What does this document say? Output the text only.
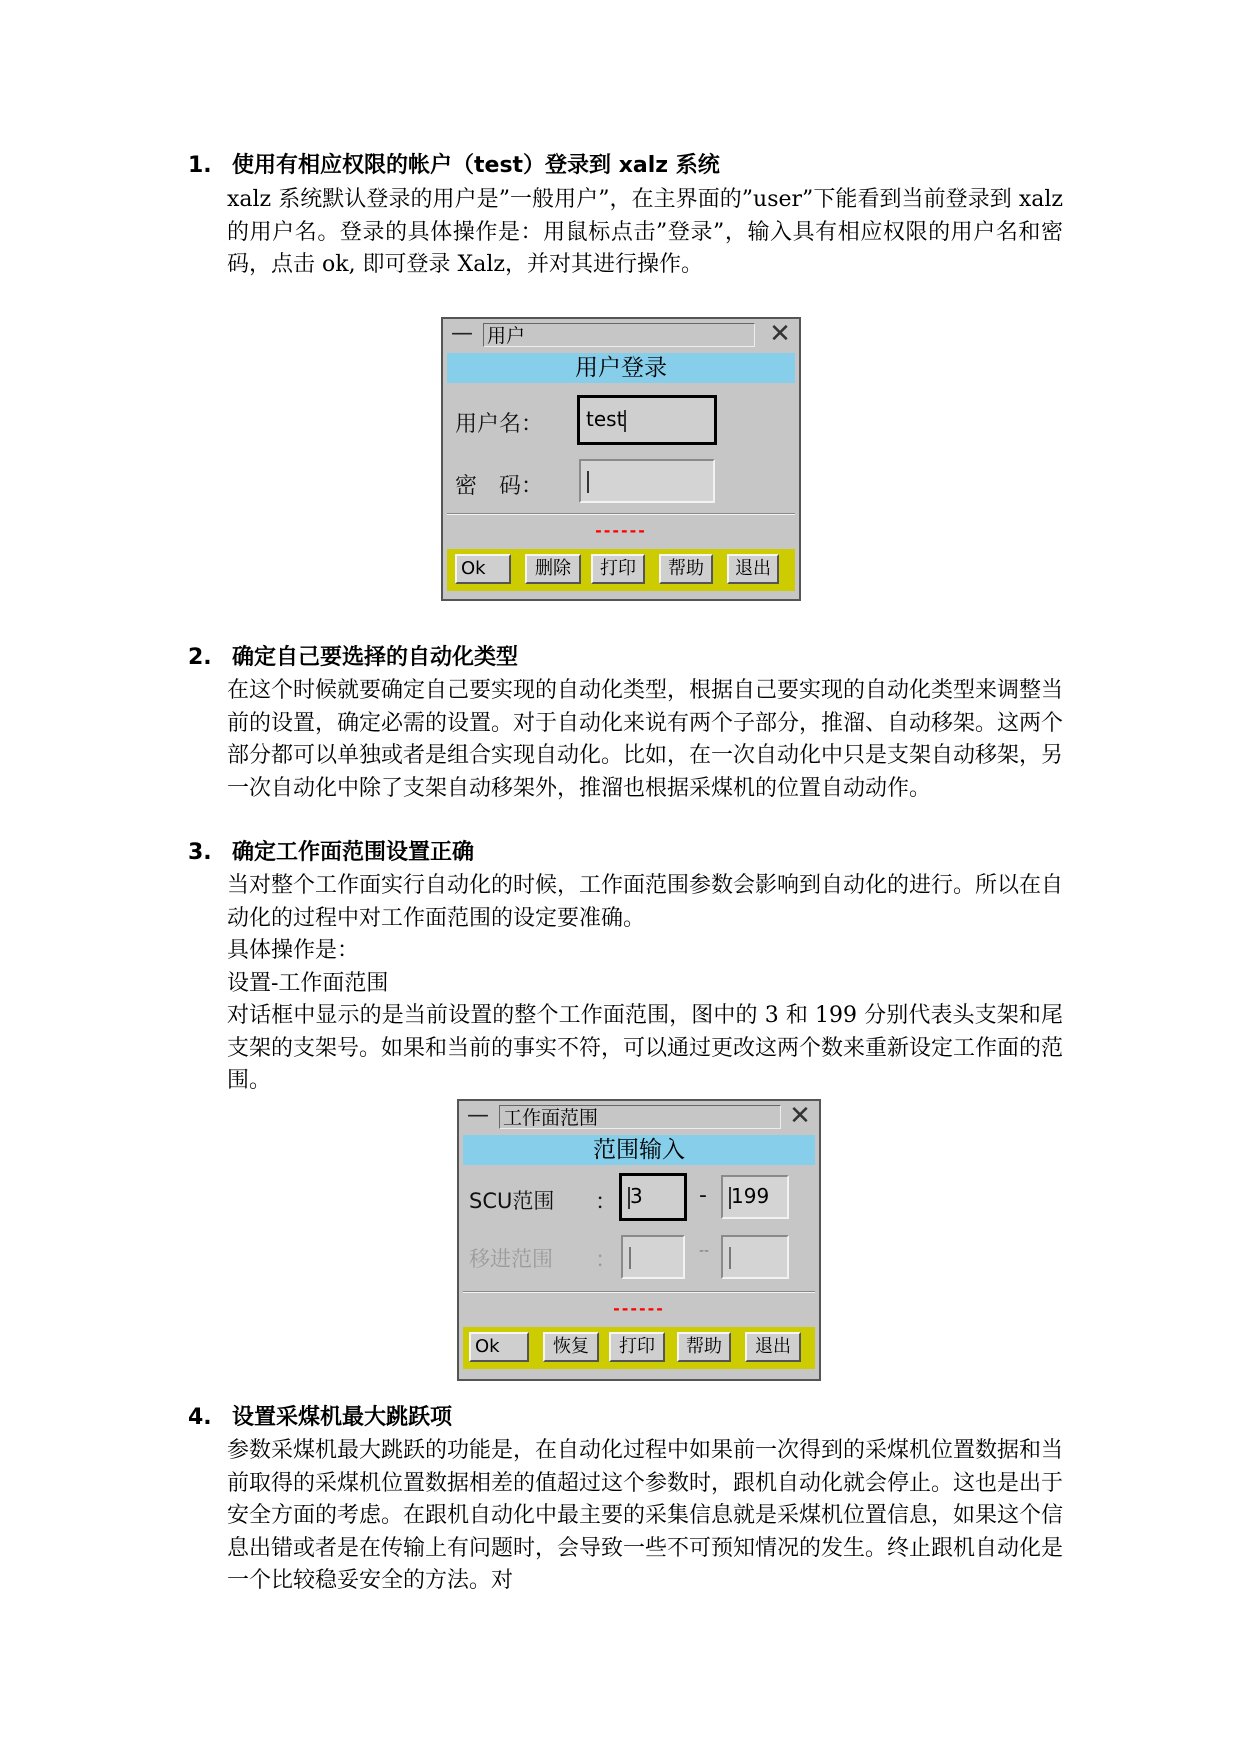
1. 使用有相应权限的帐户（test）登录到 xalz 系统
xalz 系统默认登录的用户是”一般用户”，在主界面的”user”下能看到当前登录到 xalz 的用户名。登录的具体操作是：用鼠标点击”登录”，输入具有相应权限的用户名和密码，点击 ok, 即可登录 Xalz，并对其进行操作。
— 用户	✕
用户登录
用户名：	test
密　码：
------
Ok	删除	打印	帮助	退出
2. 确定自己要选择的自动化类型
在这个时候就要确定自己要实现的自动化类型，根据自己要实现的自动化类型来调整当前的设置，确定必需的设置。对于自动化来说有两个子部分，推溜、自动移架。这两个部分都可以单独或者是组合实现自动化。比如，在一次自动化中只是支架自动移架，另一次自动化中除了支架自动移架外，推溜也根据采煤机的位置自动动作。
3. 确定工作面范围设置正确
当对整个工作面实行自动化的时候，工作面范围参数会影响到自动化的进行。所以在自动化的过程中对工作面范围的设定要准确。
具体操作是：
设置-工作面范围
对话框中显示的是当前设置的整个工作面范围，图中的 3 和 199 分别代表头支架和尾支架的支架号。如果和当前的事实不符，可以通过更改这两个数来重新设定工作面的范围。
— 工作面范围	✕
范围输入
SCU范围 ： 3	-	199
移进范围 ：	--
------
Ok	恢复	打印	帮助	退出
4. 设置采煤机最大跳跃项
参数采煤机最大跳跃的功能是，在自动化过程中如果前一次得到的采煤机位置数据和当前取得的采煤机位置数据相差的值超过这个参数时，跟机自动化就会停止。这也是出于安全方面的考虑。在跟机自动化中最主要的采集信息就是采煤机位置信息，如果这个信息出错或者是在传输上有问题时，会导致一些不可预知情况的发生。终止跟机自动化是一个比较稳妥安全的方法。对
